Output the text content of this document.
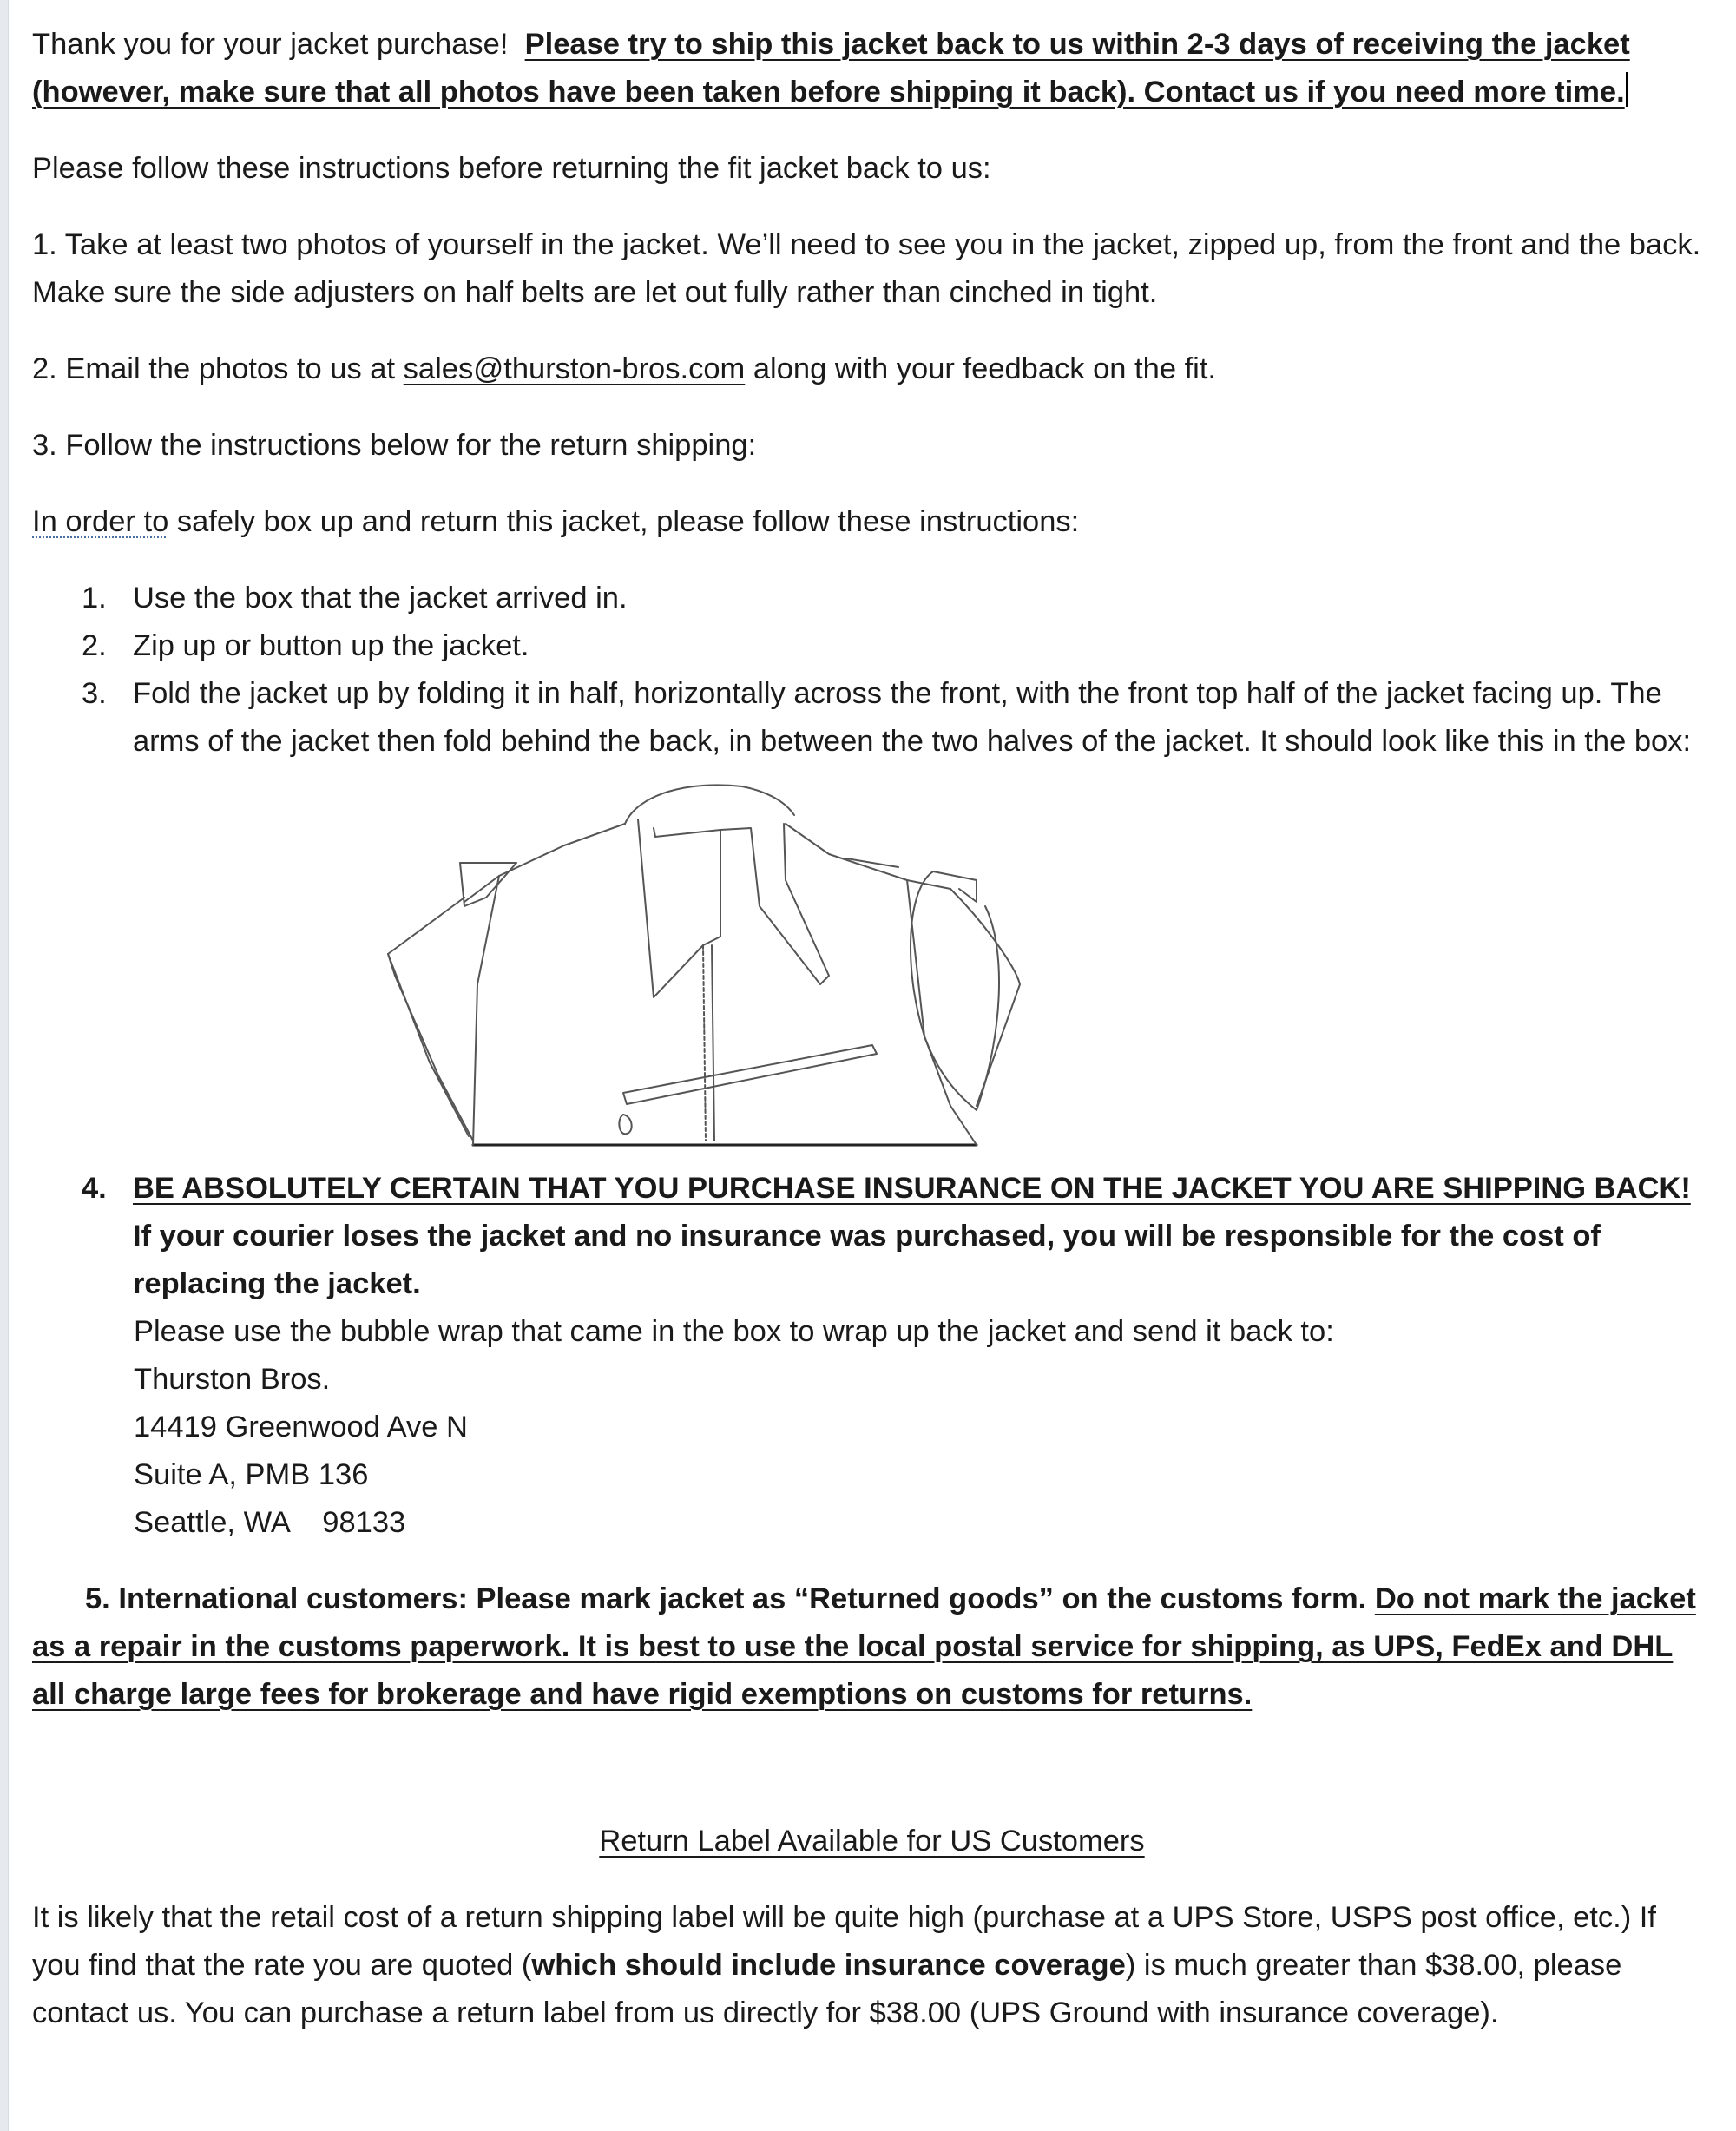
Thank you for your jacket purchase! Please try to ship this jacket back to us within 2-3 days of receiving the jacket (however, make sure that all photos have been taken before shipping it back). Contact us if you need more time.

Please follow these instructions before returning the fit jacket back to us:

1. Take at least two photos of yourself in the jacket. We’ll need to see you in the jacket, zipped up, from the front and the back. Make sure the side adjusters on half belts are let out fully rather than cinched in tight.

2. Email the photos to us at sales@thurston-bros.com along with your feedback on the fit.

3. Follow the instructions below for the return shipping:

In order to safely box up and return this jacket, please follow these instructions:

1. Use the box that the jacket arrived in.
2. Zip up or button up the jacket.
3. Fold the jacket up by folding it in half, horizontally across the front, with the front top half of the jacket facing up. The arms of the jacket then fold behind the back, in between the two halves of the jacket. It should look like this in the box:

4. BE ABSOLUTELY CERTAIN THAT YOU PURCHASE INSURANCE ON THE JACKET YOU ARE SHIPPING BACK! If your courier loses the jacket and no insurance was purchased, you will be responsible for the cost of replacing the jacket.

Please use the bubble wrap that came in the box to wrap up the jacket and send it back to:

Thurston Bros.

14419 Greenwood Ave N

Suite A, PMB 136

Seattle, WA    98133

5. International customers: Please mark jacket as “Returned goods” on the customs form. Do not mark the jacket as a repair in the customs paperwork. It is best to use the local postal service for shipping, as UPS, FedEx and DHL all charge large fees for brokerage and have rigid exemptions on customs for returns.

Return Label Available for US Customers

It is likely that the retail cost of a return shipping label will be quite high (purchase at a UPS Store, USPS post office, etc.) If you find that the rate you are quoted (which should include insurance coverage) is much greater than $38.00, please contact us. You can purchase a return label from us directly for $38.00 (UPS Ground with insurance coverage).
